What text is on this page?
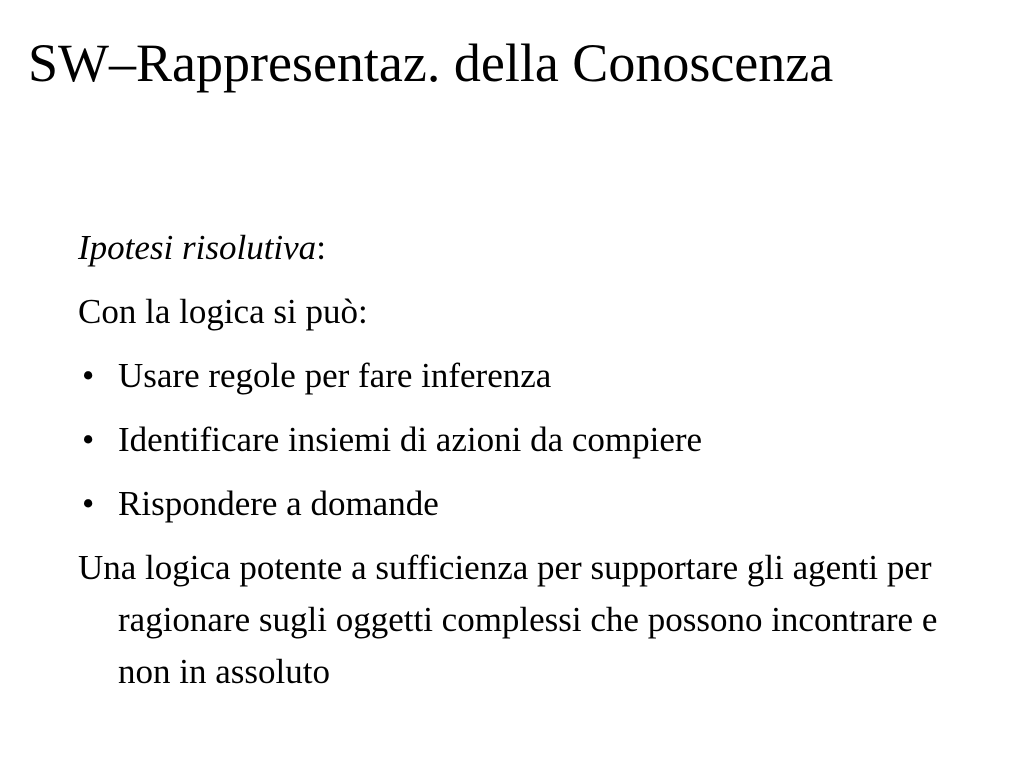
SW–Rappresentaz. della Conoscenza

Ipotesi risolutiva:

Con la logica si può:

• Usare regole per fare inferenza
• Identificare insiemi di azioni da compiere
• Rispondere a domande

Una logica potente a sufficienza per supportare gli agenti per ragionare sugli oggetti complessi che possono incontrare e non in assoluto
